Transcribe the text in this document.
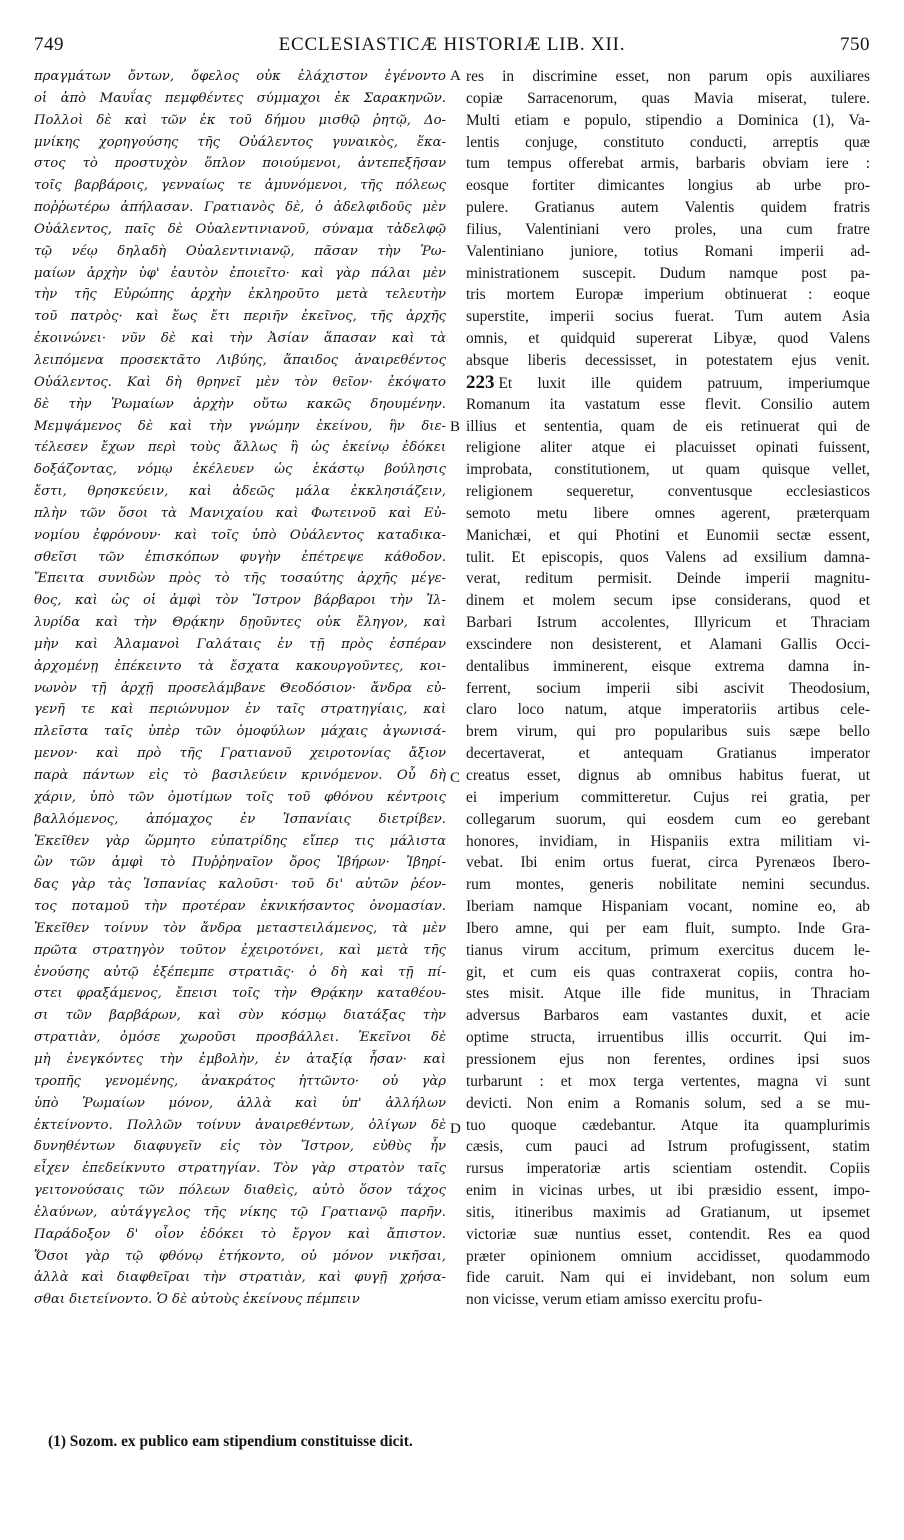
749	ECCLESIASTICÆ HISTORIÆ LIB. XII.	750
πραγμάτων ὄντων, ὄφελος οὐκ ἐλάχιστον ἐγένοντο
οἱ ἀπὸ Μαυΐας πεμφθέντες σύμμαχοι ἐκ Σαρακηνῶν.
Πολλοὶ δὲ καὶ τῶν ἐκ τοῦ δήμου μισθῷ ῥητῷ, Δο-
μνίκης χορηγούσης τῆς Οὐάλεντος γυναικὸς, ἕκα-
στος τὸ προστυχὸν ὅπλον ποιούμενοι, ἀντεπεξῆσαν
τοῖς βαρβάροις, γενναίως τε ἀμυνόμενοι, τῆς πόλεως
ποῤῥωτέρω ἀπήλασαν. Γρατιανὸς δὲ, ὁ ἀδελφιδοῦς μὲν
Οὐάλεντος, παῖς δὲ Οὐαλεντινιανοῦ, σύναμα τἀδελφῷ
τῷ νέῳ δηλαδὴ Οὐαλεντινιανῷ, πᾶσαν τὴν Ῥω-
μαίων ἀρχὴν ὑφ' ἑαυτὸν ἐποιεῖτο· καὶ γὰρ πάλαι μὲν
τὴν τῆς Εὐρώπης ἀρχὴν ἐκληροῦτο μετὰ τελευτὴν
τοῦ πατρὸς· καὶ ἕως ἔτι περιῆν ἐκεῖνος, τῆς ἀρχῆς
ἐκοινώνει· νῦν δὲ καὶ τὴν Ἀσίαν ἅπασαν καὶ τὰ
λειπόμενα προσεκτᾶτο Λιβύης, ἄπαιδος ἀναιρεθέντος
Οὐάλεντος. Καὶ δὴ θρηνεῖ μὲν τὸν θεῖον· ἐκόψατο
δὲ τὴν Ῥωμαίων ἀρχὴν οὕτω κακῶς δηουμένην.
Μεμψάμενος δὲ καὶ τὴν γνώμην ἐκείνου, ἣν διε-
τέλεσεν ἔχων περὶ τοὺς ἄλλως ἢ ὡς ἐκείνῳ ἐδόκει
δοξάζοντας, νόμῳ ἐκέλευεν ὡς ἑκάστῳ βούλησις
ἔστι, θρησκεύειν, καὶ ἀδεῶς μάλα ἐκκλησιάζειν,
πλὴν τῶν ὅσοι τὰ Μανιχαίου καὶ Φωτεινοῦ καὶ Εὐ-
νομίου ἐφρόνουν· καὶ τοῖς ὑπὸ Οὐάλεντος καταδικα-
σθεῖσι τῶν ἐπισκόπων φυγὴν ἐπέτρεψε κάθοδον.
Ἔπειτα συνιδὼν πρὸς τὸ τῆς τοσαύτης ἀρχῆς μέγε-
θος, καὶ ὡς οἱ ἀμφὶ τὸν Ἴστρον βάρβαροι τὴν Ἰλ-
λυρίδα καὶ τὴν Θρᾴκην δῃοῦντες οὐκ ἔληγον, καὶ
μὴν καὶ Ἀλαμανοὶ Γαλάταις ἐν τῇ πρὸς ἑσπέραν
ἀρχομένῃ ἐπέκειντο τὰ ἔσχατα κακουργοῦντες, κοι-
νωνὸν τῇ ἀρχῇ προσελάμβανε Θεοδόσιον· ἄνδρα εὐ-
γενῆ τε καὶ περιώνυμον ἐν ταῖς στρατηγίαις, καὶ
πλεῖστα ταῖς ὑπὲρ τῶν ὁμοφύλων μάχαις ἀγωνισά-
μενον· καὶ πρὸ τῆς Γρατιανοῦ χειροτονίας ἄξιον
παρὰ πάντων εἰς τὸ βασιλεύειν κρινόμενον. Οὗ δὴ
χάριν, ὑπὸ τῶν ὁμοτίμων τοῖς τοῦ φθόνου κέντροις
βαλλόμενος, ἀπόμαχος ἐν Ἱσπανίαις διετρίβεν.
Ἐκεῖθεν γὰρ ὥρμητο εὐπατρίδης εἴπερ τις μάλιστα
ὢν τῶν ἀμφὶ τὸ Πυῤῥηναῖον ὄρος Ἰβήρων· Ἰβηρί-
δας γὰρ τὰς Ἱσπανίας καλοῦσι· τοῦ δι' αὐτῶν ῥέον-
τος ποταμοῦ τὴν προτέραν ἐκνικήσαντος ὀνομασίαν.
Ἐκεῖθεν τοίνυν τὸν ἄνδρα μεταστειλάμενος, τὰ μὲν
πρῶτα στρατηγὸν τοῦτον ἐχειροτόνει, καὶ μετὰ τῆς
ἐνούσης αὐτῷ ἐξέπεμπε στρατιᾶς· ὁ δὴ καὶ τῇ πί-
στει φραξάμενος, ἔπεισι τοῖς τὴν Θρᾴκην καταθέου-
σι τῶν βαρβάρων, καὶ σὺν κόσμῳ διατάξας τὴν
στρατιὰν, ὁμόσε χωροῦσι προσβάλλει. Ἐκεῖνοι δὲ
μὴ ἐνεγκόντες τὴν ἐμβολὴν, ἐν ἀταξίᾳ ἦσαν· καὶ
τροπῆς γενομένης, ἀνακράτος ἡττῶντο· οὐ γὰρ
ὑπὸ Ῥωμαίων μόνον, ἀλλὰ καὶ ὑπ' ἀλλήλων
ἐκτείνοντο. Πολλῶν τοίνυν ἀναιρεθέντων, ὀλίγων δὲ
δυνηθέντων διαφυγεῖν εἰς τὸν Ἴστρον, εὐθὺς ἦν
εἶχεν ἐπεδείκνυτο στρατηγίαν. Τὸν γὰρ στρατὸν ταῖς
γειτονούσαις τῶν πόλεων διαθεὶς, αὐτὸ ὅσον τάχος
ἐλαύνων, αὐτάγγελος τῆς νίκης τῷ Γρατιανῷ παρῆν.
Παράδοξον δ' οἷον ἐδόκει τὸ ἔργον καὶ ἄπιστον.
Ὅσοι γὰρ τῷ φθόνῳ ἐτήκοντο, οὐ μόνον νικῆσαι,
ἀλλὰ καὶ διαφθεῖραι τὴν στρατιὰν, καὶ φυγῇ χρήσα-
σθαι διετείνοντο. Ὁ δὲ αὐτοὺς ἐκείνους πέμπειν
res in discrimine esset, non parum opis auxiliares
copiæ Sarracenorum, quas Mavia miserat, tulere.
Multi etiam e populo, stipendio a Dominica (1), Va-
lentis conjuge, constituto conducti, arreptis quæ
tum tempus offerebat armis, barbaris obviam iere :
eosque fortiter dimicantes longius ab urbe pro-
pulere. Gratianus autem Valentis quidem fratris
filius, Valentiniani vero proles, una cum fratre
Valentiniano juniore, totius Romani imperii ad-
ministrationem suscepit. Dudum namque post pa-
tris mortem Europæ imperium obtinuerat : eoque
superstite, imperii socius fuerat. Tum autem Asia
omnis, et quidquid supererat Libyæ, quod Valens
absque liberis decessisset, in potestatem ejus venit.
223 Et luxit ille quidem patruum, imperiumque
Romanum ita vastatum esse flevit. Consilio autem
illius et sententia, quam de eis retinuerat qui de
religione aliter atque ei placuisset opinati fuissent,
improbata, constitutionem, ut quam quisque vellet,
religionem sequeretur, conventusque ecclesiasticos
semoto metu libere omnes agerent, præterquam
Manichæi, et qui Photini et Eunomii sectæ essent,
tulit. Et episcopis, quos Valens ad exsilium damna-
verat, reditum permisit. Deinde imperii magnitu-
dinem et molem secum ipse considerans, quod et
Barbari Istrum accolentes, Illyricum et Thraciam
exscindere non desisterent, et Alamani Gallis Occi-
dentalibus imminerent, eisque extrema damna in-
ferrent, socium imperii sibi ascivit Theodosium,
claro loco natum, atque imperatoriis artibus cele-
brem virum, qui pro popularibus suis sæpe bello
decertaverat, et antequam Gratianus imperator
creatus esset, dignus ab omnibus habitus fuerat, ut
ei imperium committeretur. Cujus rei gratia, per
collegarum suorum, qui eosdem cum eo gerebant
honores, invidiam, in Hispaniis extra militiam vi-
vebat. Ibi enim ortus fuerat, circa Pyrenæos Ibero-
rum montes, generis nobilitate nemini secundus.
Iberiam namque Hispaniam vocant, nomine eo, ab
Ibero amne, qui per eam fluit, sumpto. Inde Gra-
tianus virum accitum, primum exercitus ducem le-
git, et cum eis quas contraxerat copiis, contra ho-
stes misit. Atque ille fide munitus, in Thraciam
adversus Barbaros eam vastantes duxit, et acie
optime structa, irruentibus illis occurrit. Qui im-
pressionem ejus non ferentes, ordines ipsi suos
turbarunt : et mox terga vertentes, magna vi sunt
devicti. Non enim a Romanis solum, sed a se mu-
tuo quoque cædebantur. Atque ita quamplurimis
cæsis, cum pauci ad Istrum profugissent, statim
rursus imperatoriæ artis scientiam ostendit. Copiis
enim in vicinas urbes, ut ibi præsidio essent, impo-
sitis, itineribus maximis ad Gratianum, ut ipsemet
victoriæ suæ nuntius esset, contendit. Res ea quod
præter opinionem omnium accidisset, quodammodo
fide caruit. Nam qui ei invidebant, non solum eum
non vicisse, verum etiam amisso exercitu profu-
A
B
C
D
(1) Sozom. ex publico eam stipendium constituisse dicit.
